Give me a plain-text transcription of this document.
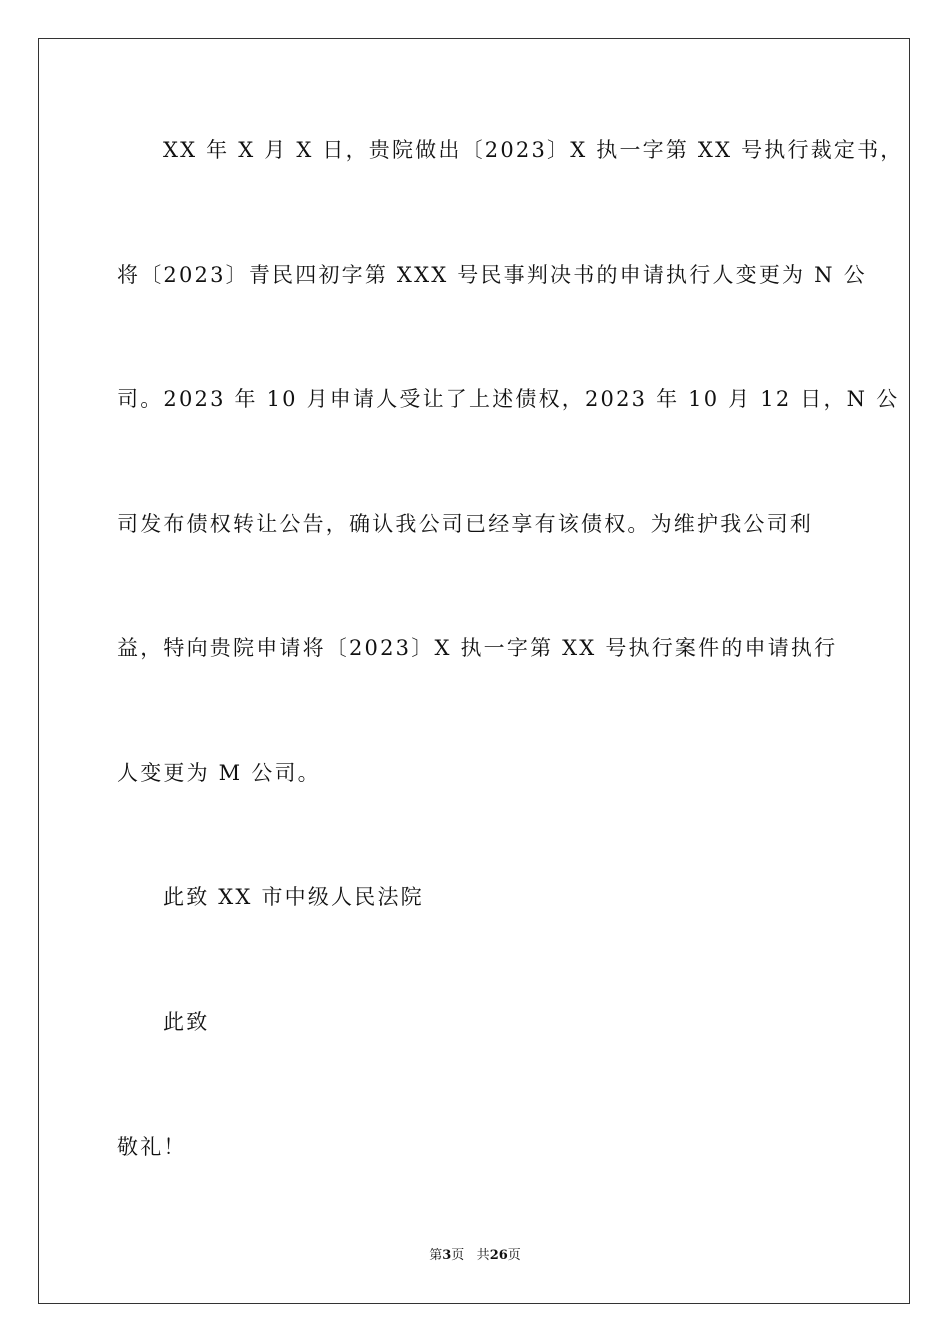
XX 年 X 月 X 日，贵院做出〔2023〕X 执一字第 XX 号执行裁定书，
将〔2023〕青民四初字第 XXX 号民事判决书的申请执行人变更为 N 公
司。2023 年 10 月申请人受让了上述债权，2023 年 10 月 12 日，N 公
司发布债权转让公告，确认我公司已经享有该债权。为维护我公司利
益，特向贵院申请将〔2023〕X 执一字第 XX 号执行案件的申请执行
人变更为 M 公司。
此致 XX 市中级人民法院
此致
敬礼！
第3页 共26页
